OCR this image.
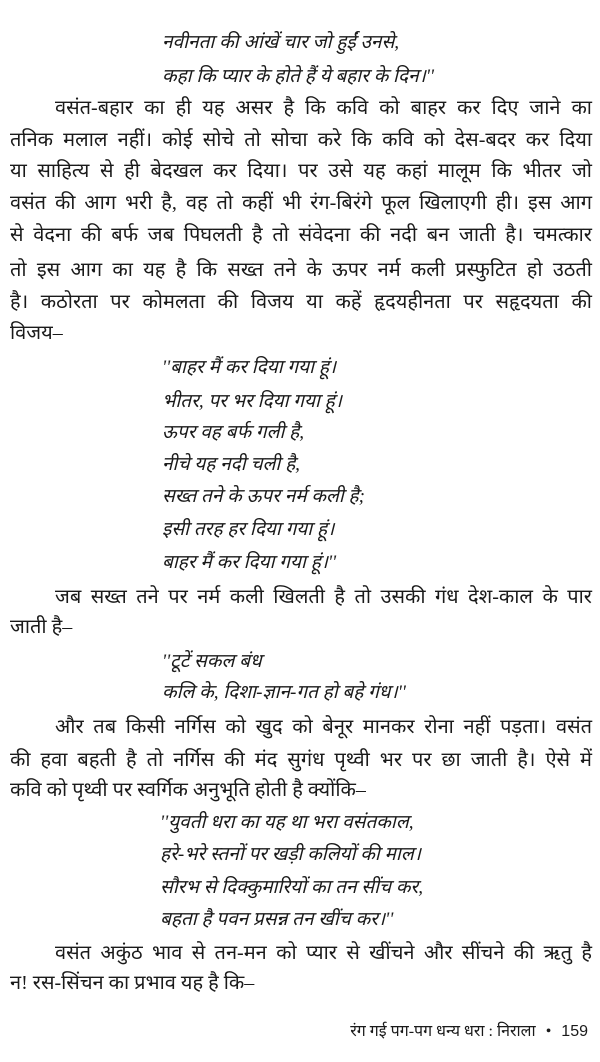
नवीनता की आंखें चार जो हुईं उनसे,
कहा कि प्यार के होते हैं ये बहार के दिन।''
वसंत-बहार का ही यह असर है कि कवि को बाहर कर दिए जाने का
तनिक मलाल नहीं। कोई सोचे तो सोचा करे कि कवि को देस-बदर कर दिया
या साहित्य से ही बेदखल कर दिया। पर उसे यह कहां मालूम कि भीतर जो
वसंत की आग भरी है, वह तो कहीं भी रंग-बिरंगे फूल खिलाएगी ही। इस आग
से वेदना की बर्फ जब पिघलती है तो संवेदना की नदी बन जाती है। चमत्कार
तो इस आग का यह है कि सख्त तने के ऊपर नर्म कली प्रस्फुटित हो उठती
है। कठोरता पर कोमलता की विजय या कहें हृदयहीनता पर सहृदयता की
विजय–
''बाहर मैं कर दिया गया हूं।
भीतर, पर भर दिया गया हूं।
ऊपर वह बर्फ गली है,
नीचे यह नदी चली है,
सख्त तने के ऊपर नर्म कली है;
इसी तरह हर दिया गया हूं।
बाहर मैं कर दिया गया हूं।''
जब सख्त तने पर नर्म कली खिलती है तो उसकी गंध देश-काल के पार
जाती है–
''टूटें सकल बंध
कलि के, दिशा-ज्ञान-गत हो बहे गंध।''
और तब किसी नर्गिस को खुद को बेनूर मानकर रोना नहीं पड़ता। वसंत
की हवा बहती है तो नर्गिस की मंद सुगंध पृथ्वी भर पर छा जाती है। ऐसे में
कवि को पृथ्वी पर स्वर्गिक अनुभूति होती है क्योंकि–
''युवती धरा का यह था भरा वसंतकाल,
हरे-भरे स्तनों पर खड़ी कलियों की माल।
सौरभ से दिक्कुमारियों का तन सींच कर,
बहता है पवन प्रसन्न तन खींच कर।''
वसंत अकुंठ भाव से तन-मन को प्यार से खींचने और सींचने की ऋतु है
न! रस-सिंचन का प्रभाव यह है कि–
रंग गई पग-पग धन्य धरा : निराला • 159
